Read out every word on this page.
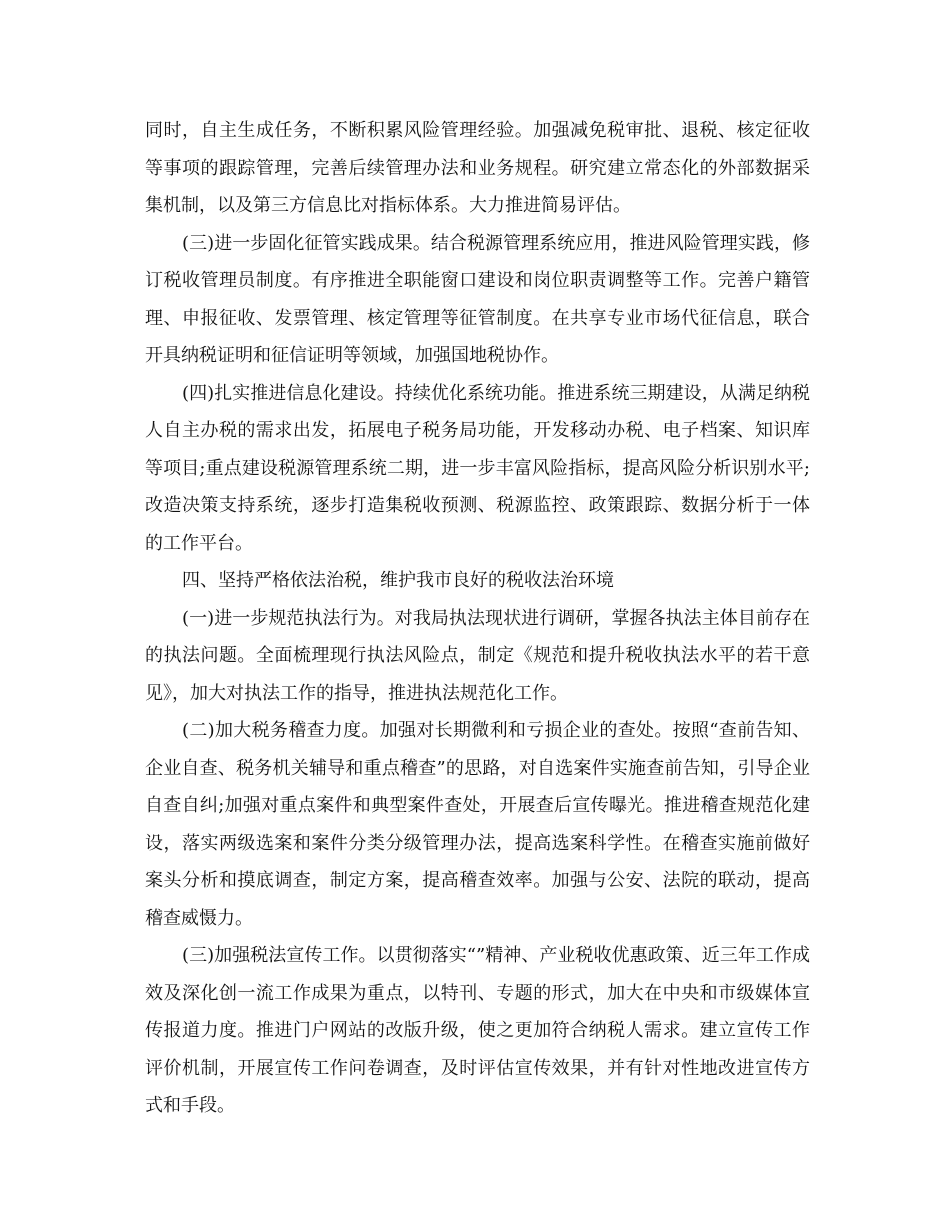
同时，自主生成任务，不断积累风险管理经验。加强减免税审批、退税、核定征收等事项的跟踪管理，完善后续管理办法和业务规程。研究建立常态化的外部数据采集机制，以及第三方信息比对指标体系。大力推进简易评估。

(三)进一步固化征管实践成果。结合税源管理系统应用，推进风险管理实践，修订税收管理员制度。有序推进全职能窗口建设和岗位职责调整等工作。完善户籍管理、申报征收、发票管理、核定管理等征管制度。在共享专业市场代征信息，联合开具纳税证明和征信证明等领域，加强国地税协作。

(四)扎实推进信息化建设。持续优化系统功能。推进系统三期建设，从满足纳税人自主办税的需求出发，拓展电子税务局功能，开发移动办税、电子档案、知识库等项目;重点建设税源管理系统二期，进一步丰富风险指标，提高风险分析识别水平;改造决策支持系统，逐步打造集税收预测、税源监控、政策跟踪、数据分析于一体的工作平台。

四、坚持严格依法治税，维护我市良好的税收法治环境

(一)进一步规范执法行为。对我局执法现状进行调研，掌握各执法主体目前存在的执法问题。全面梳理现行执法风险点，制定《规范和提升税收执法水平的若干意见》，加大对执法工作的指导，推进执法规范化工作。

(二)加大税务稽查力度。加强对长期微利和亏损企业的查处。按照“查前告知、企业自查、税务机关辅导和重点稽查”的思路，对自选案件实施查前告知，引导企业自查自纠;加强对重点案件和典型案件查处，开展查后宣传曝光。推进稽查规范化建设，落实两级选案和案件分类分级管理办法，提高选案科学性。在稽查实施前做好案头分析和摸底调查，制定方案，提高稽查效率。加强与公安、法院的联动，提高稽查威慑力。

(三)加强税法宣传工作。以贯彻落实“”精神、产业税收优惠政策、近三年工作成效及深化创一流工作成果为重点，以特刊、专题的形式，加大在中央和市级媒体宣传报道力度。推进门户网站的改版升级，使之更加符合纳税人需求。建立宣传工作评价机制，开展宣传工作问卷调查，及时评估宣传效果，并有针对性地改进宣传方式和手段。
